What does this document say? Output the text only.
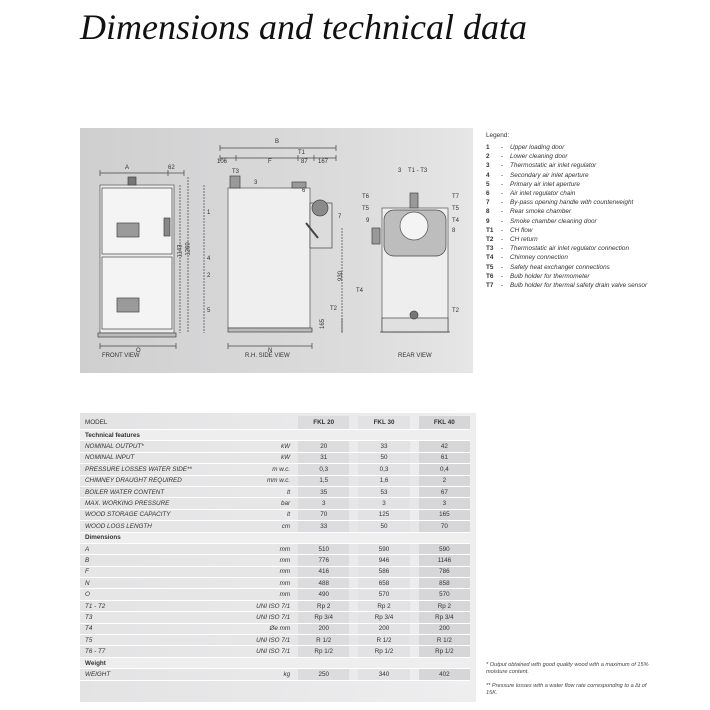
Dimensions and technical data
A	62
O
1143 1260
B
T1
106	F	87 167
T3
N
930
165
T2
T4
T1 - T3
T6
T5
T7
T5
T4
T2
8
9
3
3
1
2
4
5
6
7
FRONT VIEW	R.H. SIDE VIEW	REAR VIEW
Legend:
1	-	Upper loading door
2	-	Lower cleaning door
3	-	Thermostatic air inlet regulator
4	-	Secondary air inlet aperture
5	-	Primary air inlet aperture
6	-	Air inlet regulator chain
7	-	By-pass opening handle with counterweight
8	-	Rear smoke chamber
9	-	Smoke chamber cleaning door
T1	-	CH flow
T2	-	CH return
T3	-	Thermostatic air inlet regulator connection
T4	-	Chimney connection
T5	-	Safety heat exchanger connections
T6	-	Bulb holder for thermometer
T7	-	Bulb holder for thermal safety drain valve sensor
MODEL		FKL 20		FKL 30		FKL 40
Technical features						
NOMINAL OUTPUT*	kW	20		33		42
NOMINAL INPUT	kW	31		50		61
PRESSURE LOSSES WATER SIDE**	m w.c.	0,3		0,3		0,4
CHIMNEY DRAUGHT REQUIRED	mm w.c.	1,5		1,6		2
BOILER WATER CONTENT	lt	35		53		67
MAX. WORKING PRESSURE	bar	3		3		3
WOOD STORAGE CAPACITY	lt	70		125		165
WOOD LOGS LENGTH	cm	33		50		70
Dimensions						
A	mm	510		590		590
B	mm	776		946		1146
F	mm	416		586		786
N	mm	488		658		858
O	mm	490		570		570
T1 - T2	UNI ISO 7/1	Rp 2		Rp 2		Rp 2
T3	UNI ISO 7/1	Rp 3/4		Rp 3/4		Rp 3/4
T4	Øe mm	200		200		200
T5	UNI ISO 7/1	R 1/2		R 1/2		R 1/2
T6 - T7	UNI ISO 7/1	Rp 1/2		Rp 1/2		Rp 1/2
Weight						
WEIGHT	kg	250		340		402
* Output obtained with good quality wood with a maximum of 15% moisture content.
** Pressure losses with a water flow rate corresponding to a ∆t of 15K.
